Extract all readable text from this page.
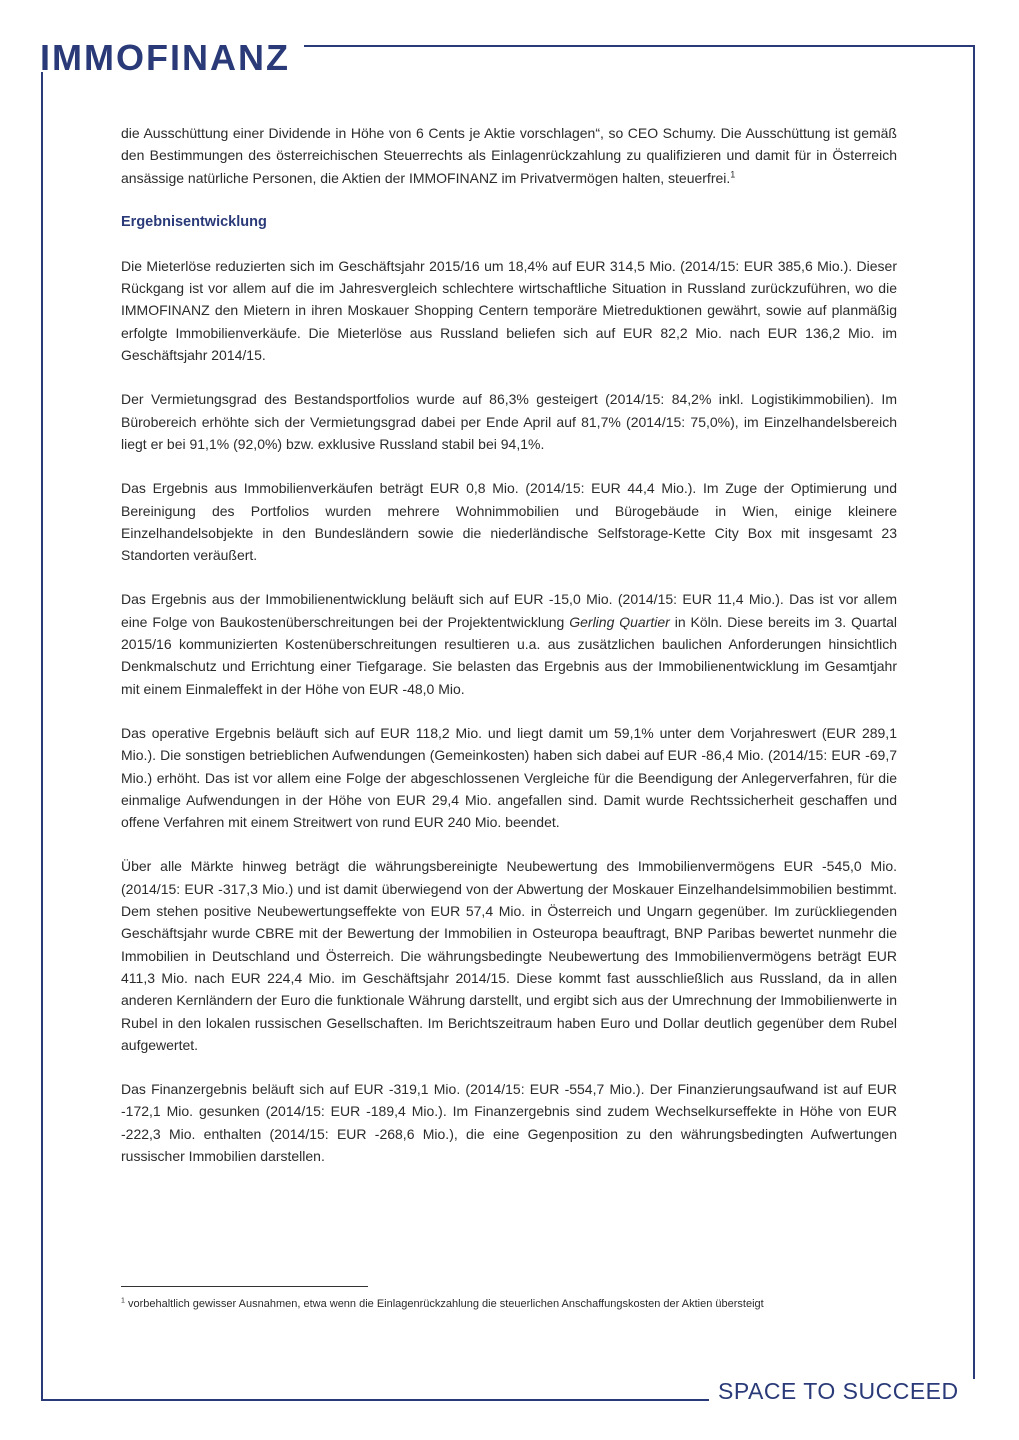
IMMOFINANZ

die Ausschüttung einer Dividende in Höhe von 6 Cents je Aktie vorschlagen“, so CEO Schumy. Die Ausschüttung ist gemäß den Bestimmungen des österreichischen Steuerrechts als Einlagenrückzahlung zu qualifizieren und damit für in Österreich ansässige natürliche Personen, die Aktien der IMMOFINANZ im Privatvermögen halten, steuerfrei.$^1$

Ergebnisentwicklung

Die Mieterlöse reduzierten sich im Geschäftsjahr 2015/16 um 18,4% auf EUR 314,5 Mio. (2014/15: EUR 385,6 Mio.). Dieser Rückgang ist vor allem auf die im Jahresvergleich schlechtere wirtschaftliche Situation in Russland zurückzuführen, wo die IMMOFINANZ den Mietern in ihren Moskauer Shopping Centern temporäre Mietreduktionen gewährt, sowie auf planmäßig erfolgte Immobilienverkäufe. Die Mieterlöse aus Russland beliefen sich auf EUR 82,2 Mio. nach EUR 136,2 Mio. im Geschäftsjahr 2014/15.

Der Vermietungsgrad des Bestandsportfolios wurde auf 86,3% gesteigert (2014/15: 84,2% inkl. Logistikimmobilien). Im Bürobereich erhöhte sich der Vermietungsgrad dabei per Ende April auf 81,7% (2014/15: 75,0%), im Einzelhandelsbereich liegt er bei 91,1% (92,0%) bzw. exklusive Russland stabil bei 94,1%.

Das Ergebnis aus Immobilienverkäufen beträgt EUR 0,8 Mio. (2014/15: EUR 44,4 Mio.). Im Zuge der Optimierung und Bereinigung des Portfolios wurden mehrere Wohnimmobilien und Bürogebäude in Wien, einige kleinere Einzelhandelsobjekte in den Bundesländern sowie die niederländische Selfstorage-Kette City Box mit insgesamt 23 Standorten veräußert.

Das Ergebnis aus der Immobilienentwicklung beläuft sich auf EUR -15,0 Mio. (2014/15: EUR 11,4 Mio.). Das ist vor allem eine Folge von Baukostenüberschreitungen bei der Projektentwicklung Gerling Quartier in Köln. Diese bereits im 3. Quartal 2015/16 kommunizierten Kostenüberschreitungen resultieren u.a. aus zusätzlichen baulichen Anforderungen hinsichtlich Denkmalschutz und Errichtung einer Tiefgarage. Sie belasten das Ergebnis aus der Immobilienentwicklung im Gesamtjahr mit einem Einmaleffekt in der Höhe von EUR -48,0 Mio.

Das operative Ergebnis beläuft sich auf EUR 118,2 Mio. und liegt damit um 59,1% unter dem Vorjahreswert (EUR 289,1 Mio.). Die sonstigen betrieblichen Aufwendungen (Gemeinkosten) haben sich dabei auf EUR -86,4 Mio. (2014/15: EUR -69,7 Mio.) erhöht. Das ist vor allem eine Folge der abgeschlossenen Vergleiche für die Beendigung der Anlegerverfahren, für die einmalige Aufwendungen in der Höhe von EUR 29,4 Mio. angefallen sind. Damit wurde Rechtssicherheit geschaffen und offene Verfahren mit einem Streitwert von rund EUR 240 Mio. beendet.

Über alle Märkte hinweg beträgt die währungsbereinigte Neubewertung des Immobilienvermögens EUR -545,0 Mio. (2014/15: EUR -317,3 Mio.) und ist damit überwiegend von der Abwertung der Moskauer Einzelhandelsimmobilien bestimmt. Dem stehen positive Neubewertungseffekte von EUR 57,4 Mio. in Österreich und Ungarn gegenüber. Im zurückliegenden Geschäftsjahr wurde CBRE mit der Bewertung der Immobilien in Osteuropa beauftragt, BNP Paribas bewertet nunmehr die Immobilien in Deutschland und Österreich. Die währungsbedingte Neubewertung des Immobilienvermögens beträgt EUR 411,3 Mio. nach EUR 224,4 Mio. im Geschäftsjahr 2014/15. Diese kommt fast ausschließlich aus Russland, da in allen anderen Kernländern der Euro die funktionale Währung darstellt, und ergibt sich aus der Umrechnung der Immobilienwerte in Rubel in den lokalen russischen Gesellschaften. Im Berichtszeitraum haben Euro und Dollar deutlich gegenüber dem Rubel aufgewertet.

Das Finanzergebnis beläuft sich auf EUR -319,1 Mio. (2014/15: EUR -554,7 Mio.). Der Finanzierungsaufwand ist auf EUR -172,1 Mio. gesunken (2014/15: EUR -189,4 Mio.). Im Finanzergebnis sind zudem Wechselkurseffekte in Höhe von EUR -222,3 Mio. enthalten (2014/15: EUR -268,6 Mio.), die eine Gegenposition zu den währungsbedingten Aufwertungen russischer Immobilien darstellen.

$^1$ vorbehaltlich gewisser Ausnahmen, etwa wenn die Einlagenrückzahlung die steuerlichen Anschaffungskosten der Aktien übersteigt
SPACE TO SUCCEED
